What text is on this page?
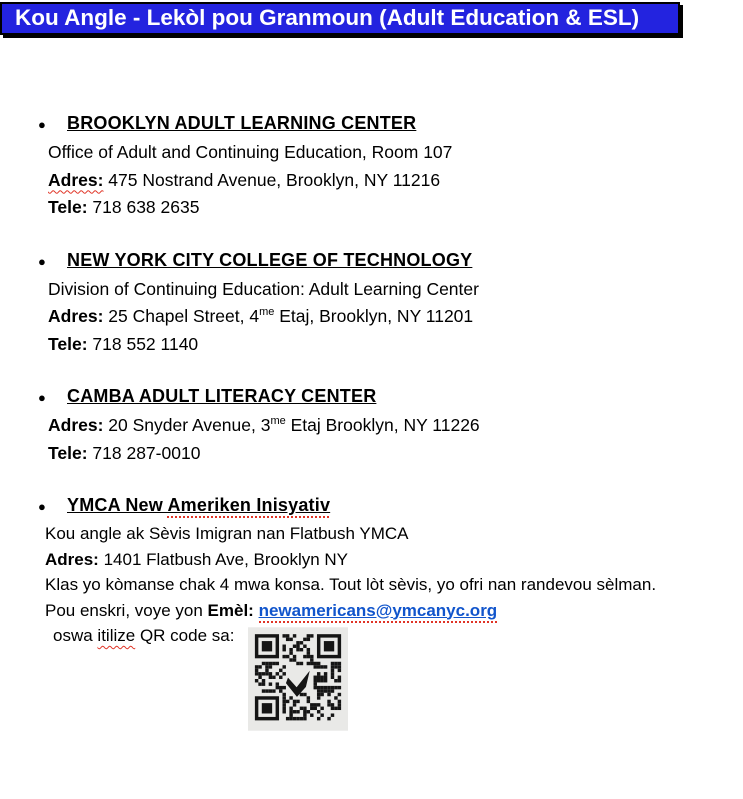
Kou Angle - Lekòl pou Granmoun (Adult Education & ESL)
●	BROOKLYN ADULT LEARNING CENTER
Office of Adult and Continuing Education, Room 107
Adres: 475 Nostrand Avenue, Brooklyn, NY 11216
Tele: 718 638 2635
●	NEW YORK CITY COLLEGE OF TECHNOLOGY
Division of Continuing Education: Adult Learning Center
Adres: 25 Chapel Street, $4^{me}$ Etaj, Brooklyn, NY 11201
Tele: 718 552 1140
●	CAMBA ADULT LITERACY CENTER
Adres: 20 Snyder Avenue, $3^{me}$ Etaj Brooklyn, NY 11226
Tele: 718 287-0010
●	YMCA New Ameriken Inisyativ
Kou angle ak Sèvis Imigran nan Flatbush YMCA
Adres: 1401 Flatbush Ave, Brooklyn NY
Klas yo kòmanse chak 4 mwa konsa. Tout lòt sèvis, yo ofri nan randevou sèlman.
Pou enskri, voye yon Emèl: newamericans@ymcanyc.org
oswa itilize QR code sa:
